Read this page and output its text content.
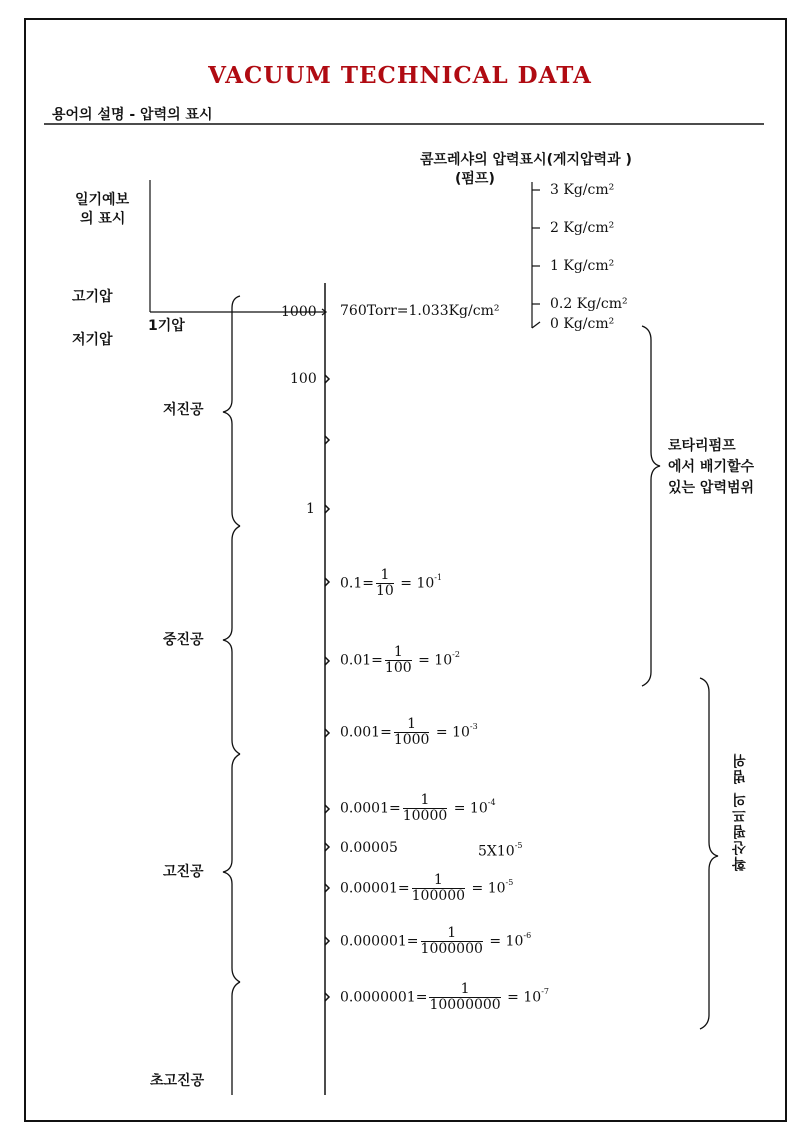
VACUUM TECHNICAL DATA
용어의 설명 - 압력의 표시
콤프레샤의 압력표시(게지압력과 )
(펌프)
3 Kg/cm²
2 Kg/cm²
1 Kg/cm²
0.2 Kg/cm²
0 Kg/cm²
일기예보
의 표시
고기압
저기압
1기압
1000 760Torr=1.033Kg/cm²
100
1
$0.1= \frac{1}{10} = 10^{-1}$
$0.01= \frac{1}{100} = 10^{-2}$
$0.001= \frac{1}{1000} = 10^{-3}$
$0.0001= \frac{1}{10000} = 10^{-4}$
0.00005	$5X10^{-5}$
$0.00001= \frac{1}{100000} = 10^{-5}$
$0.000001= \frac{1}{1000000} = 10^{-6}$
$0.0000001= \frac{1}{10000000} = 10^{-7}$
저진공
중진공
고진공
초고진공
로타리펌프
에서 배기할수
있는 압력범위
확산펌프의 범위
